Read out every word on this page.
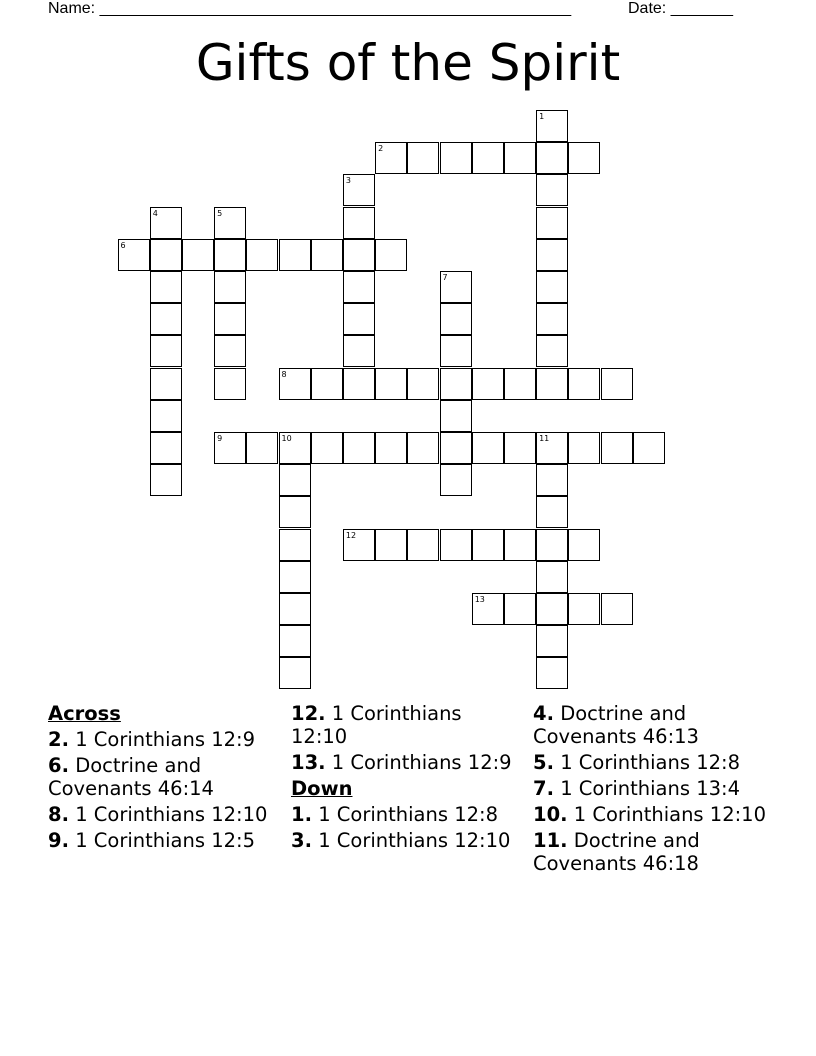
Name: _____________________________________________________	Date: _______
Gifts of the Spirit
1
2
3
4	5
6
7
8
9	10	11
12
13
Across
2. 1 Corinthians 12:9
6. Doctrine and Covenants 46:14
8. 1 Corinthians 12:10
9. 1 Corinthians 12:5
12. 1 Corinthians 12:10
13. 1 Corinthians 12:9
Down
1. 1 Corinthians 12:8
3. 1 Corinthians 12:10
4. Doctrine and Covenants 46:13
5. 1 Corinthians 12:8
7. 1 Corinthians 13:4
10. 1 Corinthians 12:10
11. Doctrine and Covenants 46:18
